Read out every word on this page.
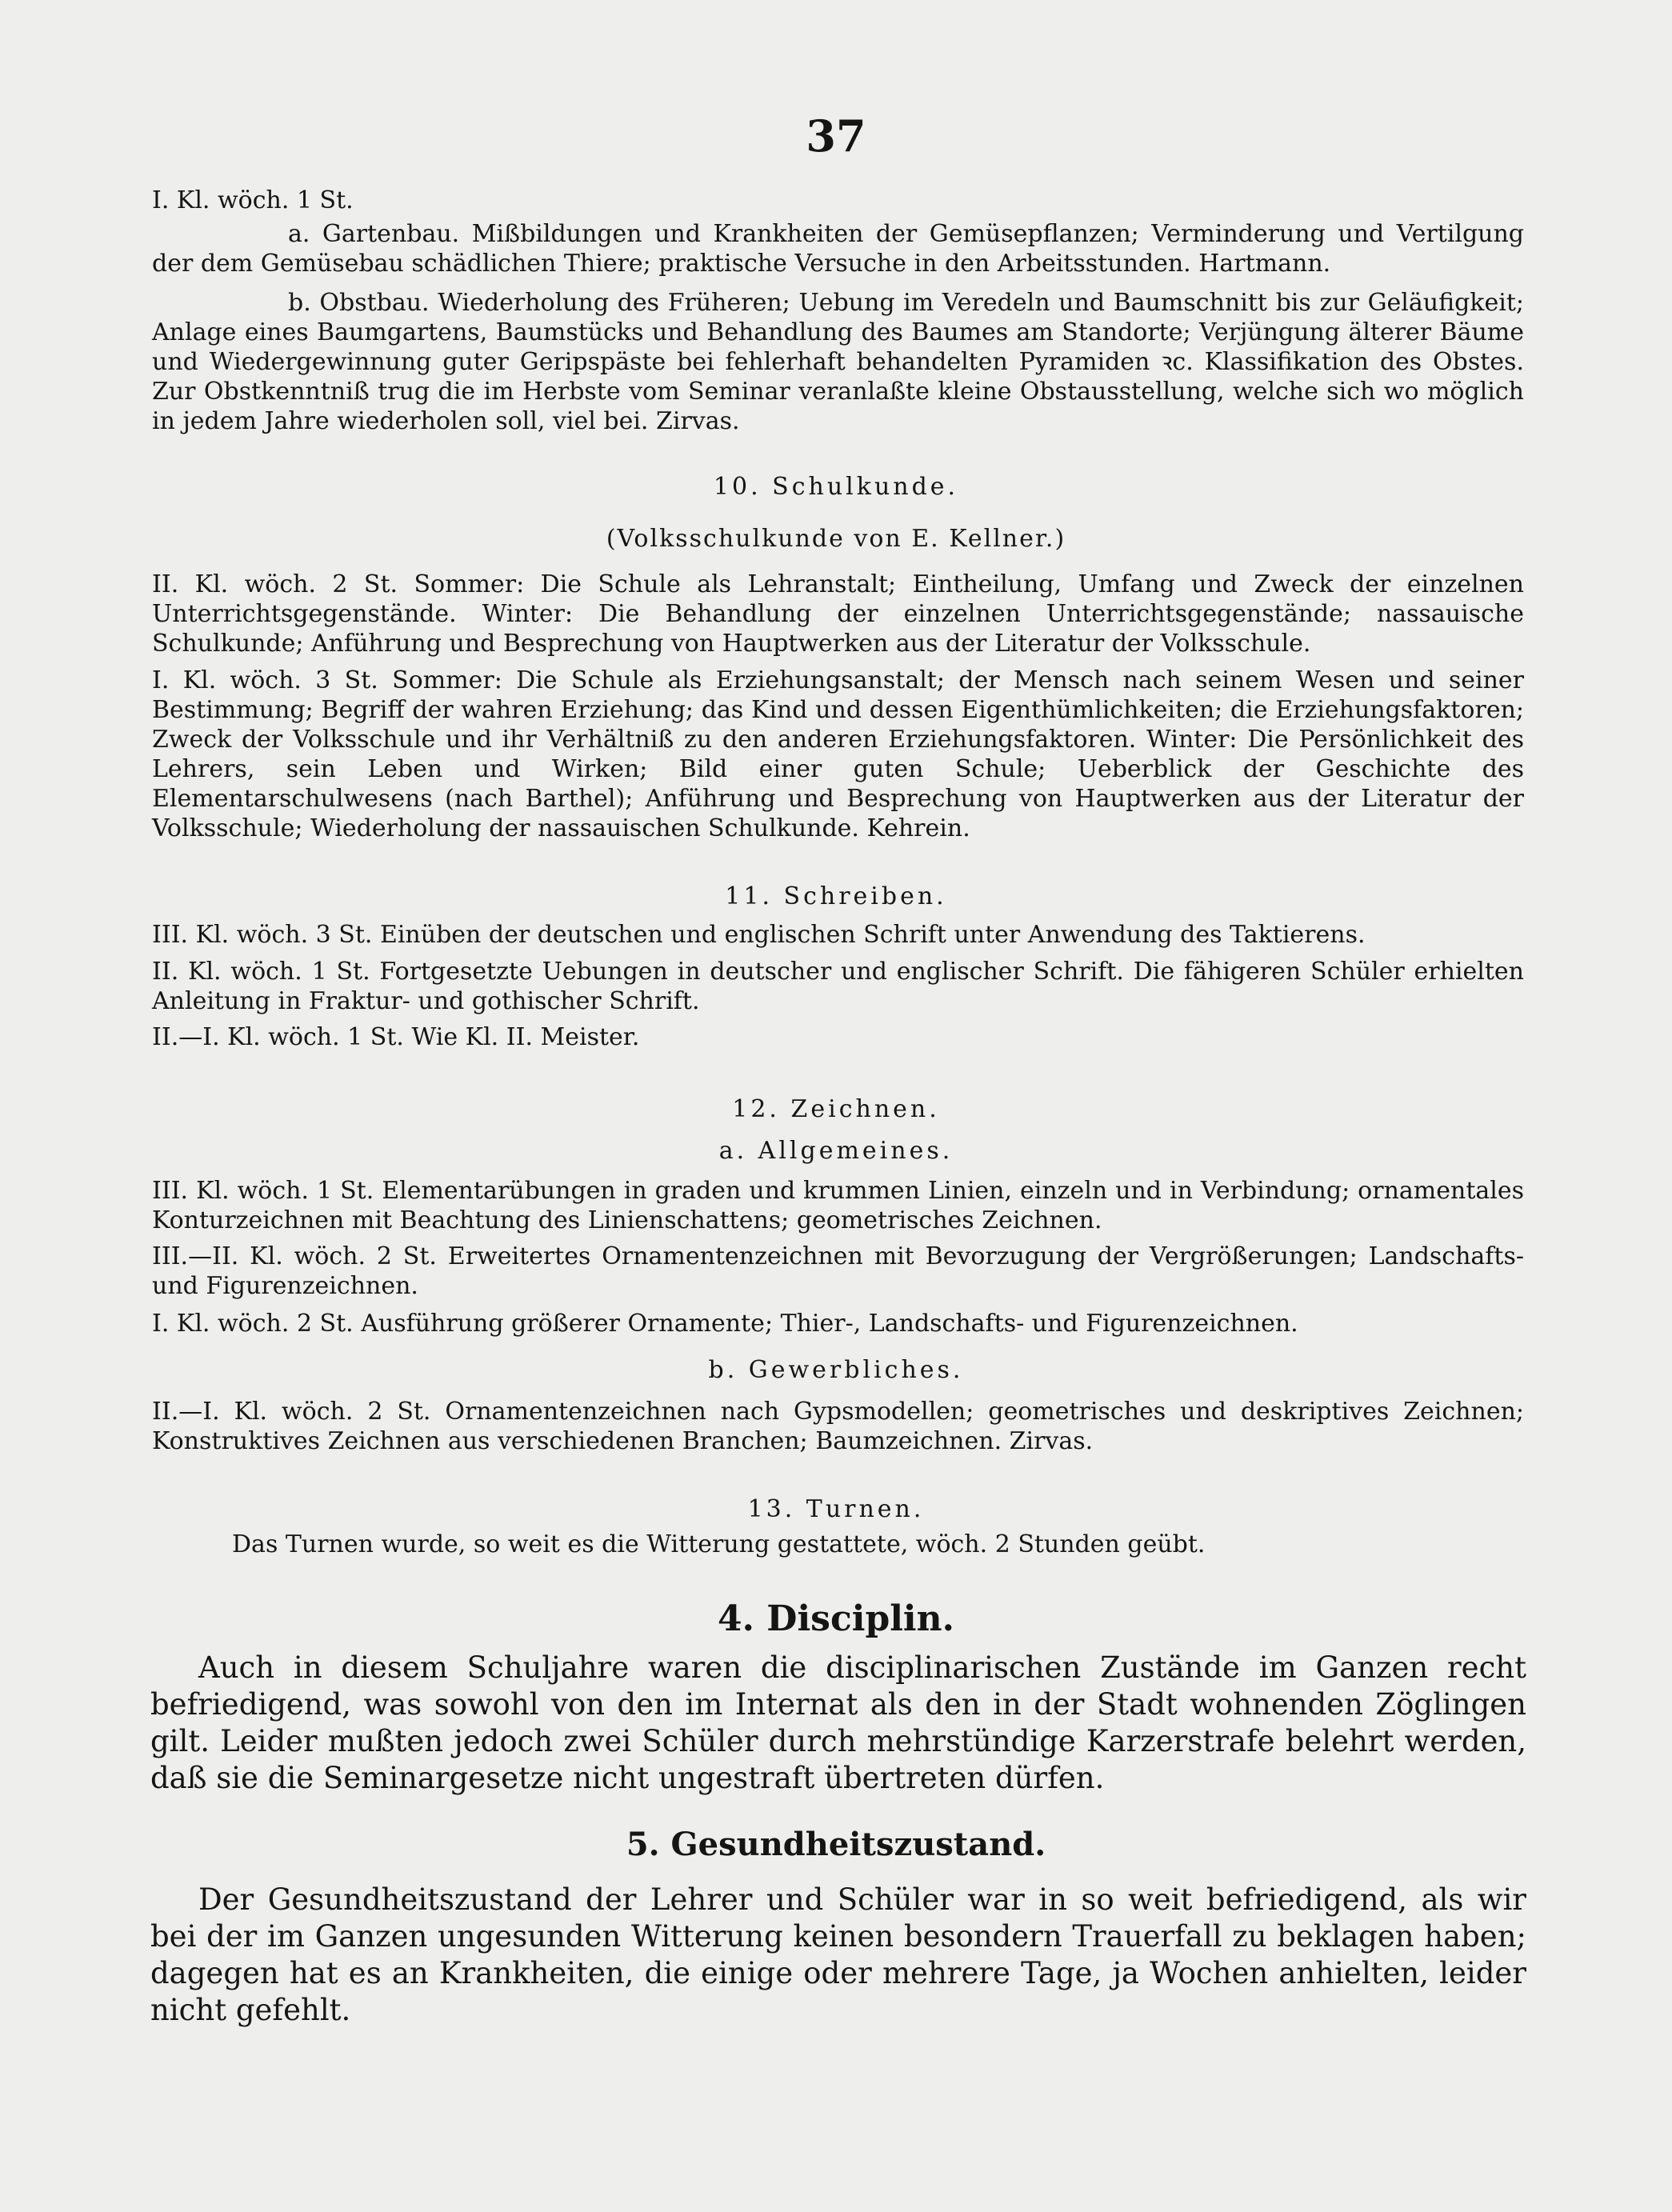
37
I. Kl. wöch. 1 St.
a. Gartenbau. Mißbildungen und Krankheiten der Gemüsepflanzen; Verminderung und Vertilgung der dem Gemüsebau schädlichen Thiere; praktische Versuche in den Arbeitsstunden. Hartmann.
b. Obstbau. Wiederholung des Früheren; Uebung im Veredeln und Baumschnitt bis zur Geläufigkeit; Anlage eines Baumgartens, Baumstücks und Behandlung des Baumes am Standorte; Verjüngung älterer Bäume und Wiedergewinnung guter Geripspäste bei fehlerhaft behandelten Pyramiden ꝛc. Klassifikation des Obstes. Zur Obstkenntniß trug die im Herbste vom Seminar veranlaßte kleine Obstausstellung, welche sich wo möglich in jedem Jahre wiederholen soll, viel bei. Zirvas.
10. Schulkunde.
(Volksschulkunde von E. Kellner.)
II. Kl. wöch. 2 St. Sommer: Die Schule als Lehranstalt; Eintheilung, Umfang und Zweck der einzelnen Unterrichtsgegenstände. Winter: Die Behandlung der einzelnen Unterrichtsgegenstände; nassauische Schulkunde; Anführung und Besprechung von Hauptwerken aus der Literatur der Volksschule.
I. Kl. wöch. 3 St. Sommer: Die Schule als Erziehungsanstalt; der Mensch nach seinem Wesen und seiner Bestimmung; Begriff der wahren Erziehung; das Kind und dessen Eigenthümlichkeiten; die Erziehungsfaktoren; Zweck der Volksschule und ihr Verhältniß zu den anderen Erziehungsfaktoren. Winter: Die Persönlichkeit des Lehrers, sein Leben und Wirken; Bild einer guten Schule; Ueberblick der Geschichte des Elementarschulwesens (nach Barthel); Anführung und Besprechung von Hauptwerken aus der Literatur der Volksschule; Wiederholung der nassauischen Schulkunde. Kehrein.
11. Schreiben.
III. Kl. wöch. 3 St. Einüben der deutschen und englischen Schrift unter Anwendung des Taktierens.
II. Kl. wöch. 1 St. Fortgesetzte Uebungen in deutscher und englischer Schrift. Die fähigeren Schüler erhielten Anleitung in Fraktur- und gothischer Schrift.
II.—I. Kl. wöch. 1 St. Wie Kl. II. Meister.
12. Zeichnen.
a. Allgemeines.
III. Kl. wöch. 1 St. Elementarübungen in graden und krummen Linien, einzeln und in Verbindung; ornamentales Konturzeichnen mit Beachtung des Linienschattens; geometrisches Zeichnen.
III.—II. Kl. wöch. 2 St. Erweitertes Ornamentenzeichnen mit Bevorzugung der Vergrößerungen; Landschafts- und Figurenzeichnen.
I. Kl. wöch. 2 St. Ausführung größerer Ornamente; Thier-, Landschafts- und Figurenzeichnen.
b. Gewerbliches.
II.—I. Kl. wöch. 2 St. Ornamentenzeichnen nach Gypsmodellen; geometrisches und deskriptives Zeichnen; Konstruktives Zeichnen aus verschiedenen Branchen; Baumzeichnen. Zirvas.
13. Turnen.
Das Turnen wurde, so weit es die Witterung gestattete, wöch. 2 Stunden geübt.
4. Disciplin.
Auch in diesem Schuljahre waren die disciplinarischen Zustände im Ganzen recht befriedigend, was sowohl von den im Internat als den in der Stadt wohnenden Zöglingen gilt. Leider mußten jedoch zwei Schüler durch mehrstündige Karzerstrafe belehrt werden, daß sie die Seminargesetze nicht ungestraft übertreten dürfen.
5. Gesundheitszustand.
Der Gesundheitszustand der Lehrer und Schüler war in so weit befriedigend, als wir bei der im Ganzen ungesunden Witterung keinen besondern Trauerfall zu beklagen haben; dagegen hat es an Krankheiten, die einige oder mehrere Tage, ja Wochen anhielten, leider nicht gefehlt.
